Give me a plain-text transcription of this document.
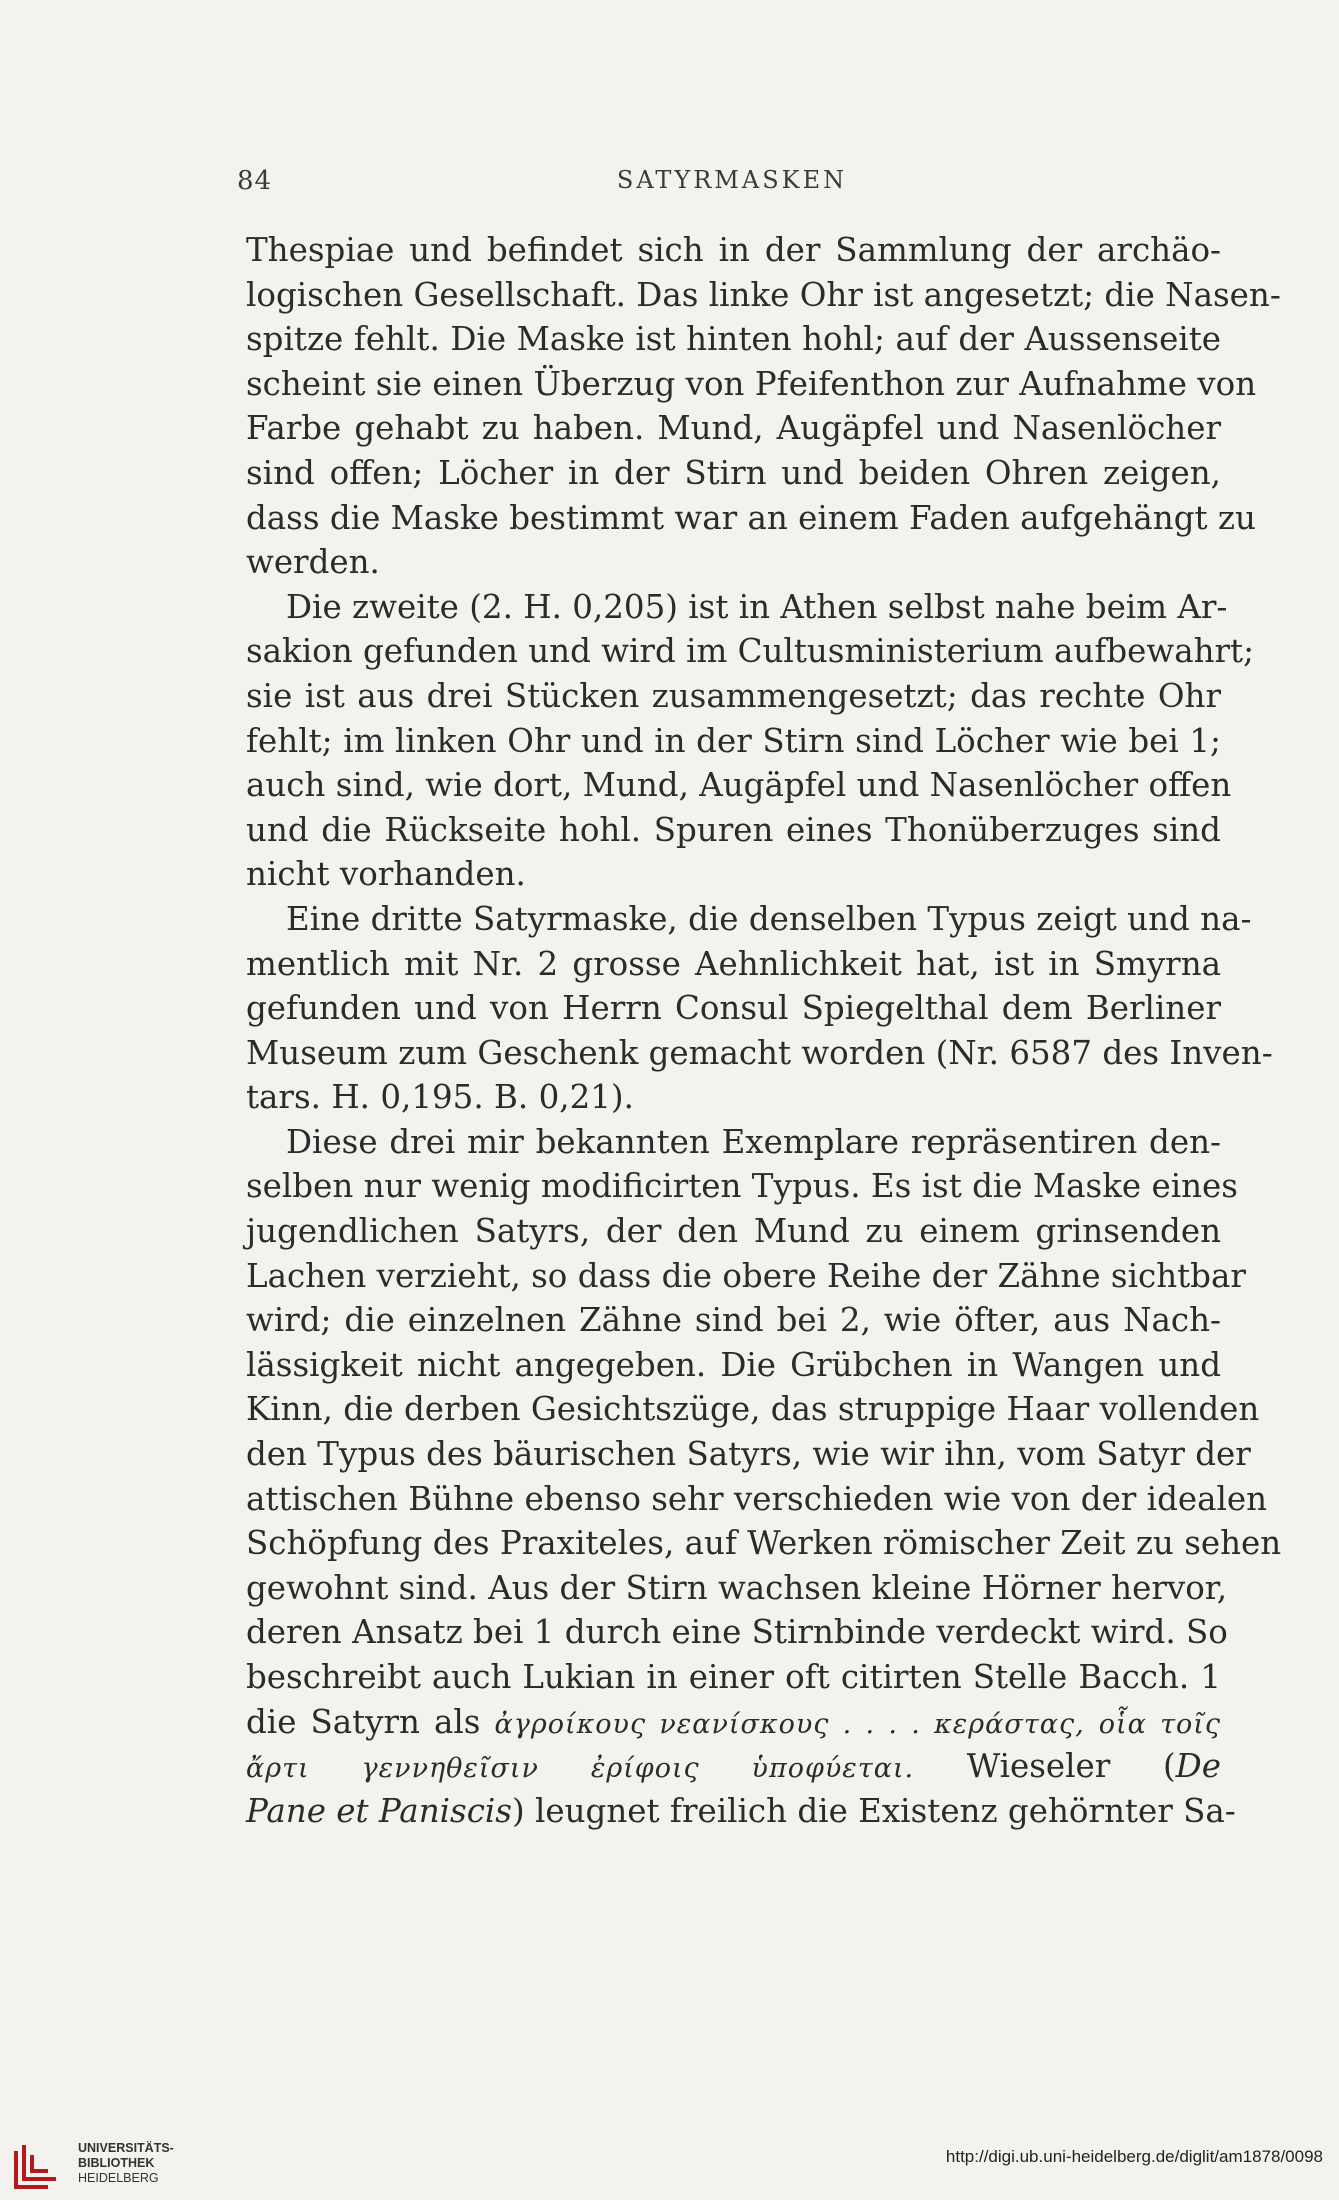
84	SATYRMASKEN
Thespiae und befindet sich in der Sammlung der archäo-
logischen Gesellschaft. Das linke Ohr ist angesetzt; die Nasen-
spitze fehlt. Die Maske ist hinten hohl; auf der Aussenseite
scheint sie einen Überzug von Pfeifenthon zur Aufnahme von
Farbe gehabt zu haben. Mund, Augäpfel und Nasenlöcher
sind offen; Löcher in der Stirn und beiden Ohren zeigen,
dass die Maske bestimmt war an einem Faden aufgehängt zu
werden.
Die zweite (2. H. 0,205) ist in Athen selbst nahe beim Ar-
sakion gefunden und wird im Cultusministerium aufbewahrt;
sie ist aus drei Stücken zusammengesetzt; das rechte Ohr
fehlt; im linken Ohr und in der Stirn sind Löcher wie bei 1;
auch sind, wie dort, Mund, Augäpfel und Nasenlöcher offen
und die Rückseite hohl. Spuren eines Thonüberzuges sind
nicht vorhanden.
Eine dritte Satyrmaske, die denselben Typus zeigt und na-
mentlich mit Nr. 2 grosse Aehnlichkeit hat, ist in Smyrna
gefunden und von Herrn Consul Spiegelthal dem Berliner
Museum zum Geschenk gemacht worden (Nr. 6587 des Inven-
tars. H. 0,195. B. 0,21).
Diese drei mir bekannten Exemplare repräsentiren den-
selben nur wenig modificirten Typus. Es ist die Maske eines
jugendlichen Satyrs, der den Mund zu einem grinsenden
Lachen verzieht, so dass die obere Reihe der Zähne sichtbar
wird; die einzelnen Zähne sind bei 2, wie öfter, aus Nach-
lässigkeit nicht angegeben. Die Grübchen in Wangen und
Kinn, die derben Gesichtszüge, das struppige Haar vollenden
den Typus des bäurischen Satyrs, wie wir ihn, vom Satyr der
attischen Bühne ebenso sehr verschieden wie von der idealen
Schöpfung des Praxiteles, auf Werken römischer Zeit zu sehen
gewohnt sind. Aus der Stirn wachsen kleine Hörner hervor,
deren Ansatz bei 1 durch eine Stirnbinde verdeckt wird. So
beschreibt auch Lukian in einer oft citirten Stelle Bacch. 1
die Satyrn als ἀγροίκους νεανίσκους . . . . κεράστας, οἷα τοῖς
ἄρτι γεννηθεῖσιν ἐρίφοις ὑποφύεται. Wieseler (De
Pane et Paniscis) leugnet freilich die Existenz gehörnter Sa-
UNIVERSITÄTS-
BIBLIOTHEK
HEIDELBERG
http://digi.ub.uni-heidelberg.de/diglit/am1878/0098
